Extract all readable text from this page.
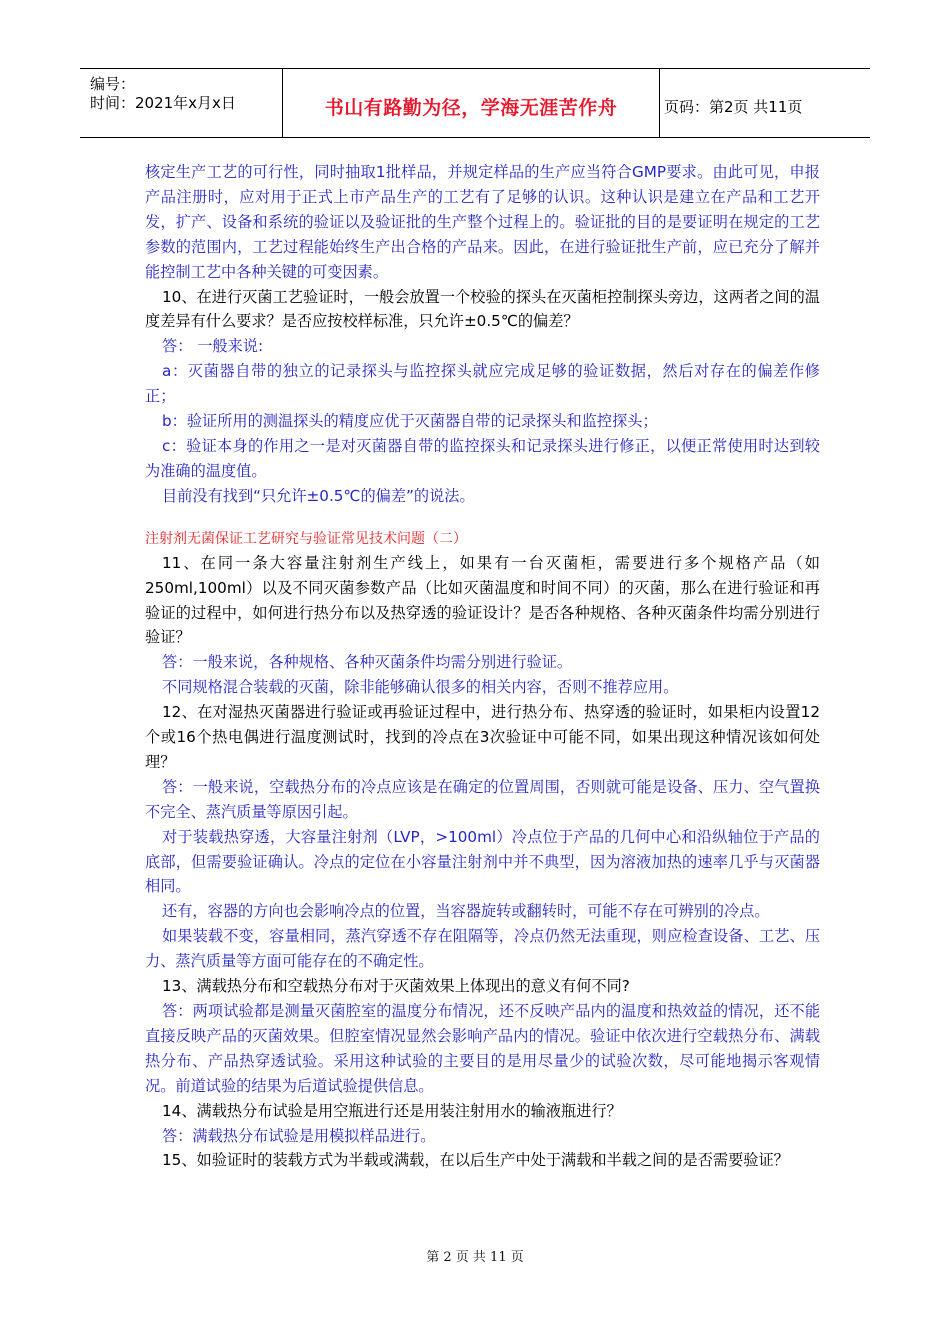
编号：
时间：2021年x月x日	书山有路勤为径，学海无涯苦作舟	页码：第2页 共11页

核定生产工艺的可行性，同时抽取1批样品，并规定样品的生产应当符合GMP要求。由此可见，申报产品注册时，应对用于正式上市产品生产的工艺有了足够的认识。这种认识是建立在产品和工艺开发，扩产、设备和系统的验证以及验证批的生产整个过程上的。验证批的目的是要证明在规定的工艺参数的范围内，工艺过程能始终生产出合格的产品来。因此，在进行验证批生产前，应已充分了解并能控制工艺中各种关键的可变因素。

10、在进行灭菌工艺验证时，一般会放置一个校验的探头在灭菌柜控制探头旁边，这两者之间的温度差异有什么要求？是否应按校样标准，只允许±0.5℃的偏差？

答： 一般来说:

a：灭菌器自带的独立的记录探头与监控探头就应完成足够的验证数据，然后对存在的偏差作修正；

b：验证所用的测温探头的精度应优于灭菌器自带的记录探头和监控探头；

c：验证本身的作用之一是对灭菌器自带的监控探头和记录探头进行修正，以便正常使用时达到较为准确的温度值。

目前没有找到“只允许±0.5℃的偏差”的说法。

注射剂无菌保证工艺研究与验证常见技术问题（二）

11、在同一条大容量注射剂生产线上，如果有一台灭菌柜，需要进行多个规格产品（如250ml,100ml）以及不同灭菌参数产品（比如灭菌温度和时间不同）的灭菌，那么在进行验证和再验证的过程中，如何进行热分布以及热穿透的验证设计？是否各种规格、各种灭菌条件均需分别进行验证？

答：一般来说，各种规格、各种灭菌条件均需分别进行验证。

不同规格混合装载的灭菌，除非能够确认很多的相关内容，否则不推荐应用。

12、在对湿热灭菌器进行验证或再验证过程中，进行热分布、热穿透的验证时，如果柜内设置12个或16个热电偶进行温度测试时，找到的冷点在3次验证中可能不同，如果出现这种情况该如何处理？

答：一般来说，空载热分布的冷点应该是在确定的位置周围，否则就可能是设备、压力、空气置换不完全、蒸汽质量等原因引起。

对于装载热穿透，大容量注射剂（LVP，>100ml）冷点位于产品的几何中心和沿纵轴位于产品的底部，但需要验证确认。冷点的定位在小容量注射剂中并不典型，因为溶液加热的速率几乎与灭菌器相同。

还有，容器的方向也会影响冷点的位置，当容器旋转或翻转时，可能不存在可辨别的冷点。

如果装载不变，容量相同，蒸汽穿透不存在阻隔等，冷点仍然无法重现，则应检查设备、工艺、压力、蒸汽质量等方面可能存在的不确定性。

13、满载热分布和空载热分布对于灭菌效果上体现出的意义有何不同?

答：两项试验都是测量灭菌腔室的温度分布情况，还不反映产品内的温度和热效益的情况，还不能直接反映产品的灭菌效果。但腔室情况显然会影响产品内的情况。验证中依次进行空载热分布、满载热分布、产品热穿透试验。采用这种试验的主要目的是用尽量少的试验次数，尽可能地揭示客观情况。前道试验的结果为后道试验提供信息。

14、满载热分布试验是用空瓶进行还是用装注射用水的输液瓶进行？

答：满载热分布试验是用模拟样品进行。

15、如验证时的装载方式为半载或满载，在以后生产中处于满载和半载之间的是否需要验证？

第 2 页 共 11 页
